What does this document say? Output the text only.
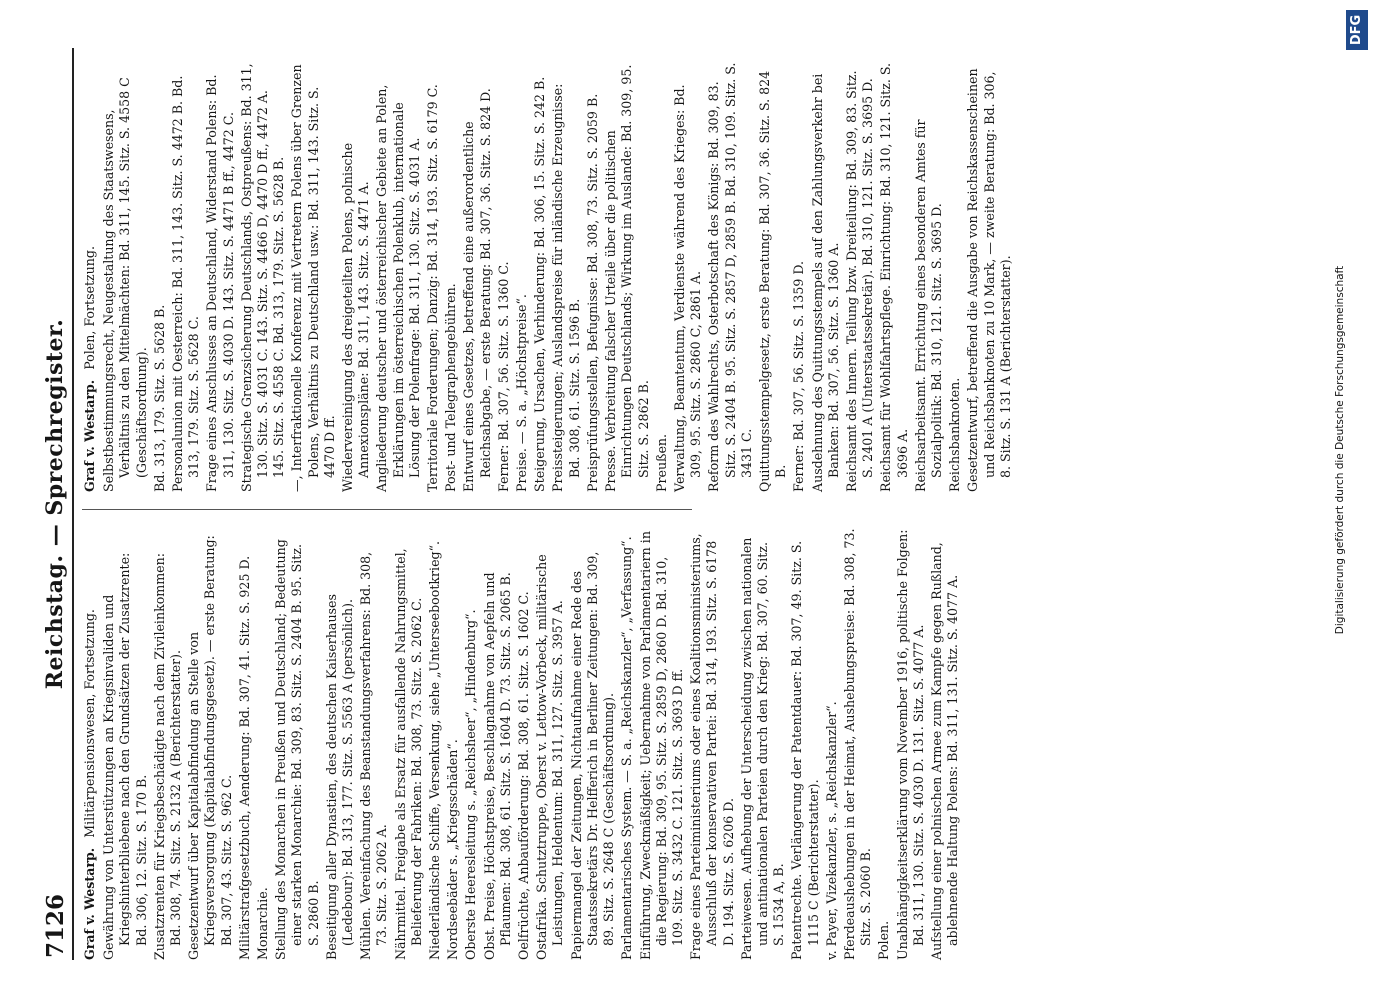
7126
Reichstag. — Sprechregister.

Graf v. Westarp. Militärpensionswesen, Fortsetzung. Gewährung von Unterstützungen an Kriegsinvaliden und Kriegshinterbliebene nach den Grundsätzen der Zusatzrente: Bd. 306, 12. Sitz. S. 170 B. Zusatzrenten für Kriegsbeschädigte nach dem Zivileinkommen: Bd. 308, 74. Sitz. S. 2132 A (Berichterstatter). Gesetzentwurf über Kapitalabfindung an Stelle von Kriegsversorgung (Kapitalabfindungsgesetz). — erste Beratung: Bd. 307, 43. Sitz. S. 962 C. Militärstrafgesetzbuch, Aenderung: Bd. 307, 41. Sitz. S. 925 D. Monarchie. Stellung des Monarchen in Preußen und Deutschland; Bedeutung einer starken Monarchie: Bd. 309, 83. Sitz. S. 2404 B. 95. Sitz. S. 2860 B. Beseitigung aller Dynastien, des deutschen Kaiserhauses (Ledebour): Bd. 313, 177. Sitz. S. 5563 A (persönlich). Mühlen. Vereinfachung des Beanstandungsverfahrens: Bd. 308, 73. Sitz. S. 2062 A. Nährmittel. Freigabe als Ersatz für ausfallende Nahrungsmittel, Belieferung der Fabriken: Bd. 308, 73. Sitz. S. 2062 C. Niederländische Schiffe, Versenkung, siehe „Unterseebootkrieg“. Nordseebäder s. „Kriegsschäden“. Oberste Heeresleitung s. „Reichsheer“, „Hindenburg“. Obst. Preise, Höchstpreise, Beschlagnahme von Aepfeln und Pflaumen: Bd. 308, 61. Sitz. S. 1604 D. 73. Sitz. S. 2065 B. Oelfrüchte, Anbauförderung: Bd. 308, 61. Sitz. S. 1602 C. Ostafrika. Schutztruppe, Oberst v. Lettow-Vorbeck, militärische Leistungen, Heldentum: Bd. 311, 127. Sitz. S. 3957 A. Papiermangel der Zeitungen, Nichtaufnahme einer Rede des Staatssekretärs Dr. Helfferich in Berliner Zeitungen: Bd. 309, 89. Sitz. S. 2648 C (Geschäftsordnung). Parlamentarisches System. — S. a. „Reichskanzler“, „Verfassung“. Einführung, Zweckmäßigkeit; Uebernahme von Parlamentariern in die Regierung: Bd. 309, 95. Sitz. S. 2859 D, 2860 D. Bd. 310, 109. Sitz. S. 3432 C. 121. Sitz. S. 3693 D ff. Frage eines Parteiministeriums oder eines Koalitionsministeriums, Ausschluß der konservativen Partei: Bd. 314, 193. Sitz. S. 6178 D. 194. Sitz. S. 6206 D. Parteiwesen. Aufhebung der Unterscheidung zwischen nationalen und antinationalen Parteien durch den Krieg: Bd. 307, 60. Sitz. S. 1534 A, B. Patentrechte. Verlängerung der Patentdauer: Bd. 307, 49. Sitz. S. 1115 C (Berichterstatter). v. Payer, Vizekanzler, s. „Reichskanzler“. Pferdeaushebungen in der Heimat, Aushebungspreise: Bd. 308, 73. Sitz. S. 2060 B. Polen. Unabhängigkeitserklärung vom November 1916, politische Folgen: Bd. 311, 130. Sitz. S. 4030 D. 131. Sitz. S. 4077 A. Aufstellung einer polnischen Armee zum Kampfe gegen Rußland, ablehnende Haltung Polens: Bd. 311, 131. Sitz. S. 4077 A.

Graf v. Westarp. Polen, Fortsetzung. Selbstbestimmungsrecht, Neugestaltung des Staatswesens, Verhältnis zu den Mittelmächten: Bd. 311, 145. Sitz. S. 4558 C (Geschäftsordnung). Bd. 313, 179. Sitz. S. 5628 B. Personalunion mit Oesterreich: Bd. 311, 143. Sitz. S. 4472 B. Bd. 313, 179. Sitz. S. 5628 C. Frage eines Anschlusses an Deutschland, Widerstand Polens: Bd. 311, 130. Sitz. S. 4030 D. 143. Sitz. S. 4471 B ff., 4472 C. Strategische Grenzsicherung Deutschlands, Ostpreußens: Bd. 311, 130. Sitz. S. 4031 C. 143. Sitz. S. 4466 D, 4470 D ff., 4472 A. 145. Sitz. S. 4558 C. Bd. 313, 179. Sitz. S. 5628 B. —, Interfraktionelle Konferenz mit Vertretern Polens über Grenzen Polens, Verhältnis zu Deutschland usw.: Bd. 311, 143. Sitz. S. 4470 D ff. Wiedervereinigung des dreigeteilten Polens, polnische Annexionspläne: Bd. 311, 143. Sitz. S. 4471 A. Angliederung deutscher und österreichischer Gebiete an Polen, Erklärungen im österreichischen Polenklub, internationale Lösung der Polenfrage: Bd. 311, 130. Sitz. S. 4031 A. Territoriale Forderungen; Danzig: Bd. 314, 193. Sitz. S. 6179 C. Post- und Telegraphengebühren. Entwurf eines Gesetzes, betreffend eine außerordentliche Reichsabgabe, — erste Beratung: Bd. 307, 36. Sitz. S. 824 D. Ferner: Bd. 307, 56. Sitz. S. 1360 C. Preise. — S. a. „Höchstpreise“. Steigerung, Ursachen, Verhinderung: Bd. 306, 15. Sitz. S. 242 B. Preissteigerungen; Auslandspreise für inländische Erzeugnisse: Bd. 308, 61. Sitz. S. 1596 B. Preisprüfungsstellen, Befugnisse: Bd. 308, 73. Sitz. S. 2059 B. Presse. Verbreitung falscher Urteile über die politischen Einrichtungen Deutschlands; Wirkung im Auslande: Bd. 309, 95. Sitz. S. 2862 B. Preußen. Verwaltung, Beamtentum, Verdienste während des Krieges: Bd. 309, 95. Sitz. S. 2860 C, 2861 A. Reform des Wahlrechts, Osterbotschaft des Königs: Bd. 309, 83. Sitz. S. 2404 B. 95. Sitz. S. 2857 D, 2859 B. Bd. 310, 109. Sitz. S. 3431 C. Quittungsstempelgesetz, erste Beratung: Bd. 307, 36. Sitz. S. 824 B. Ferner: Bd. 307, 56. Sitz. S. 1359 D. Ausdehnung des Quittungsstempels auf den Zahlungsverkehr bei Banken: Bd. 307, 56. Sitz. S. 1360 A. Reichsamt des Innern. Teilung bzw. Dreiteilung: Bd. 309, 83. Sitz. S. 2401 A (Unterstaatssekretär). Bd. 310, 121. Sitz. S. 3695 D. Reichsamt für Wohlfahrtspflege. Einrichtung: Bd. 310, 121. Sitz. S. 3696 A. Reichsarbeitsamt. Errichtung eines besonderen Amtes für Sozialpolitik: Bd. 310, 121. Sitz. S. 3695 D. Reichsbanknoten. Gesetzentwurf, betreffend die Ausgabe von Reichskassenscheinen und Reichsbanknoten zu 10 Mark, — zweite Beratung: Bd. 306, 8. Sitz. S. 131 A (Berichterstatter).	Digitalisierung gefördert durch die Deutsche Forschungsgemeinschaft
DFG
